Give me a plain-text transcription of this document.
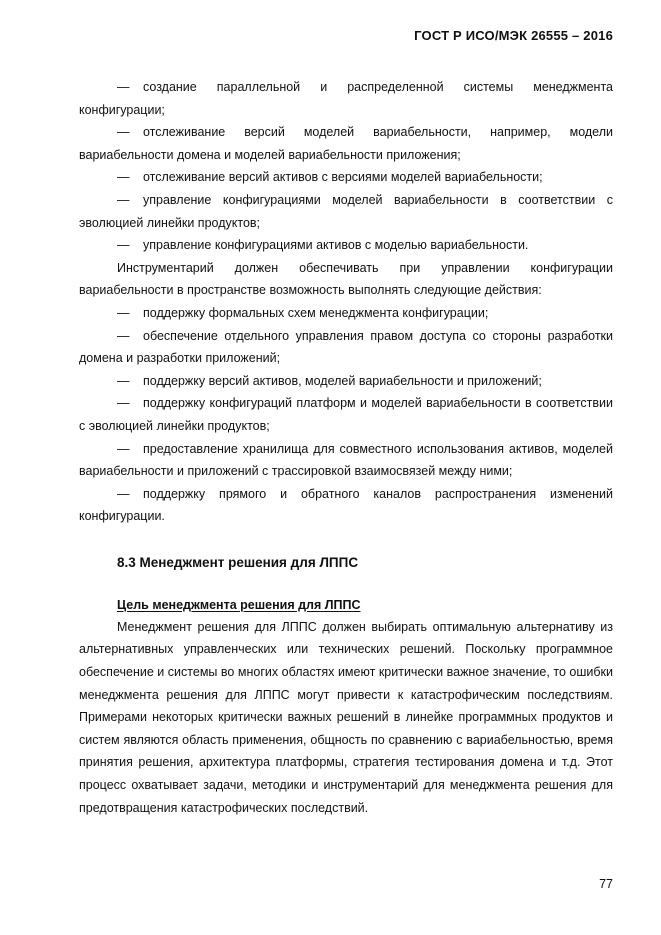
ГОСТ Р ИСО/МЭК 26555 – 2016

— создание параллельной и распределенной системы менеджмента конфигурации;

— отслеживание версий моделей вариабельности, например, модели вариабельности домена и моделей вариабельности приложения;

— отслеживание версий активов с версиями моделей вариабельности;

— управление конфигурациями моделей вариабельности в соответствии с эволюцией линейки продуктов;

— управление конфигурациями активов с моделью вариабельности.

Инструментарий должен обеспечивать при управлении конфигурации вариабельности в пространстве возможность выполнять следующие действия:

— поддержку формальных схем менеджмента конфигурации;

— обеспечение отдельного управления правом доступа со стороны разработки домена и разработки приложений;

— поддержку версий активов, моделей вариабельности и приложений;

— поддержку конфигураций платформ и моделей вариабельности в соответствии с эволюцией линейки продуктов;

— предоставление хранилища для совместного использования активов, моделей вариабельности и приложений с трассировкой взаимосвязей между ними;

— поддержку прямого и обратного каналов распространения изменений конфигурации.

8.3 Менеджмент решения для ЛППС
Цель менеджмента решения для ЛППС

Менеджмент решения для ЛППС должен выбирать оптимальную альтернативу из альтернативных управленческих или технических решений. Поскольку программное обеспечение и системы во многих областях имеют критически важное значение, то ошибки менеджмента решения для ЛППС могут привести к катастрофическим последствиям. Примерами некоторых критически важных решений в линейке программных продуктов и систем являются область применения, общность по сравнению с вариабельностью, время принятия решения, архитектура платформы, стратегия тестирования домена и т.д. Этот процесс охватывает задачи, методики и инструментарий для менеджмента решения для предотвращения катастрофических последствий.

77
